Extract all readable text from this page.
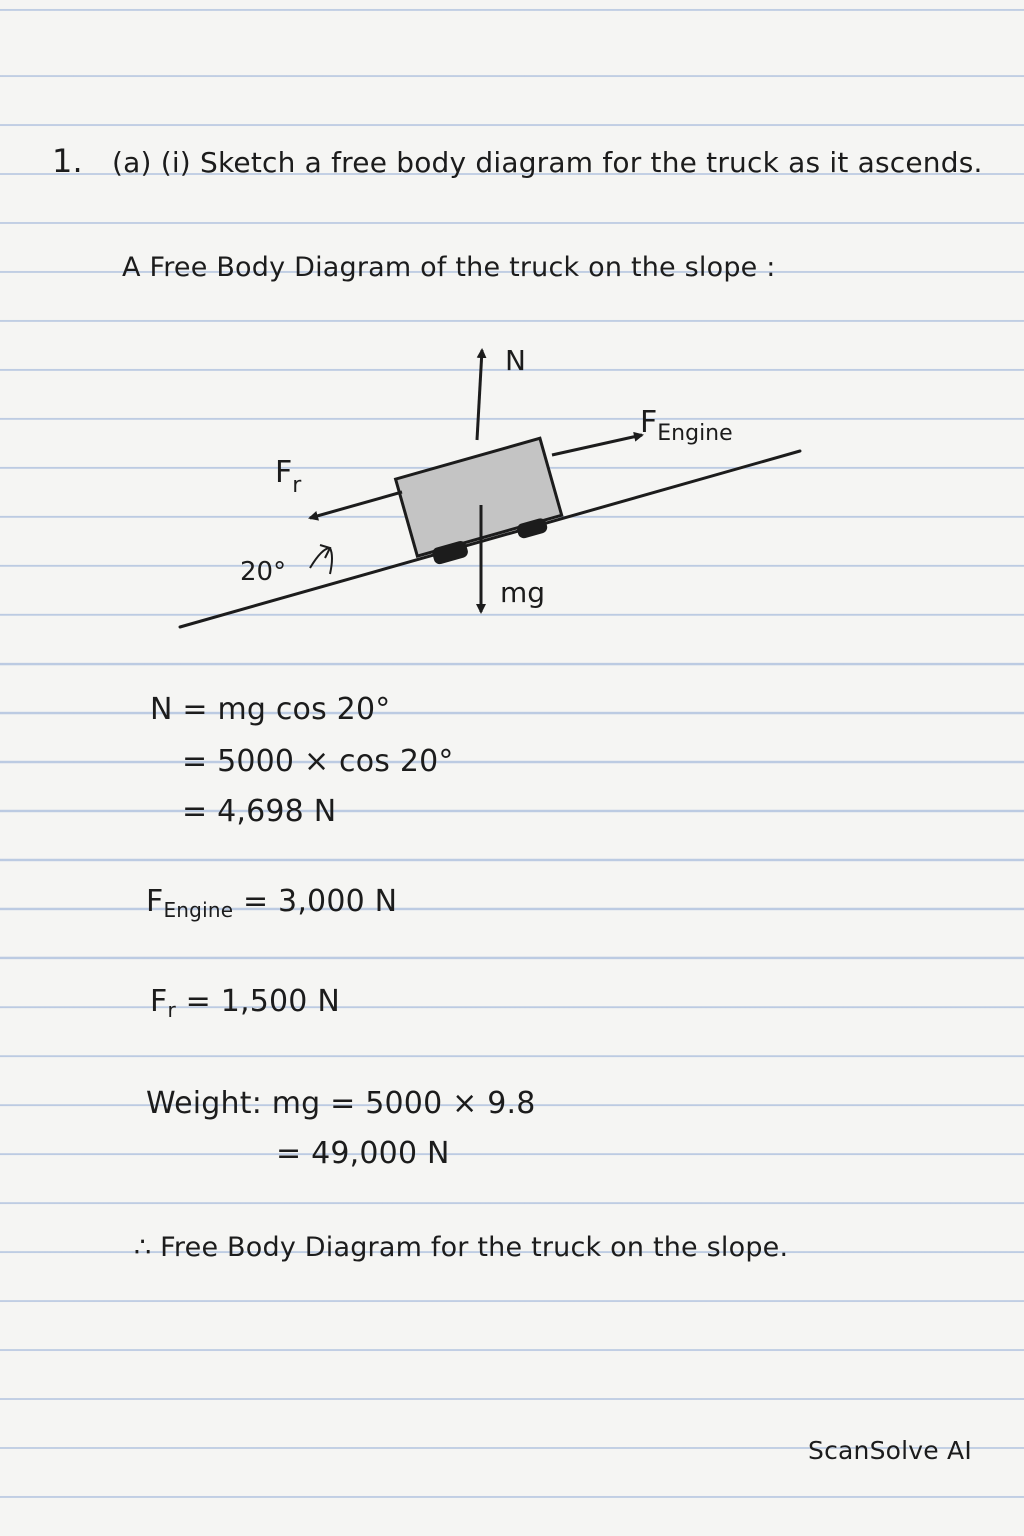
1. (a) (i) Sketch a free body diagram for the truck as it ascends.

A Free Body Diagram of the truck on the slope :

20°
N
$F_{Engine}$
$F_r$
mg

N = mg cos 20°

= 5000 × cos 20°

= 4,698 N

$F_{Engine} = 3,000$ N

$F_r = 1,500$ N

Weight: mg = 5000 × 9.8

= 49,000 N

∴ Free Body Diagram for the truck on the slope.

ScanSolve AI
